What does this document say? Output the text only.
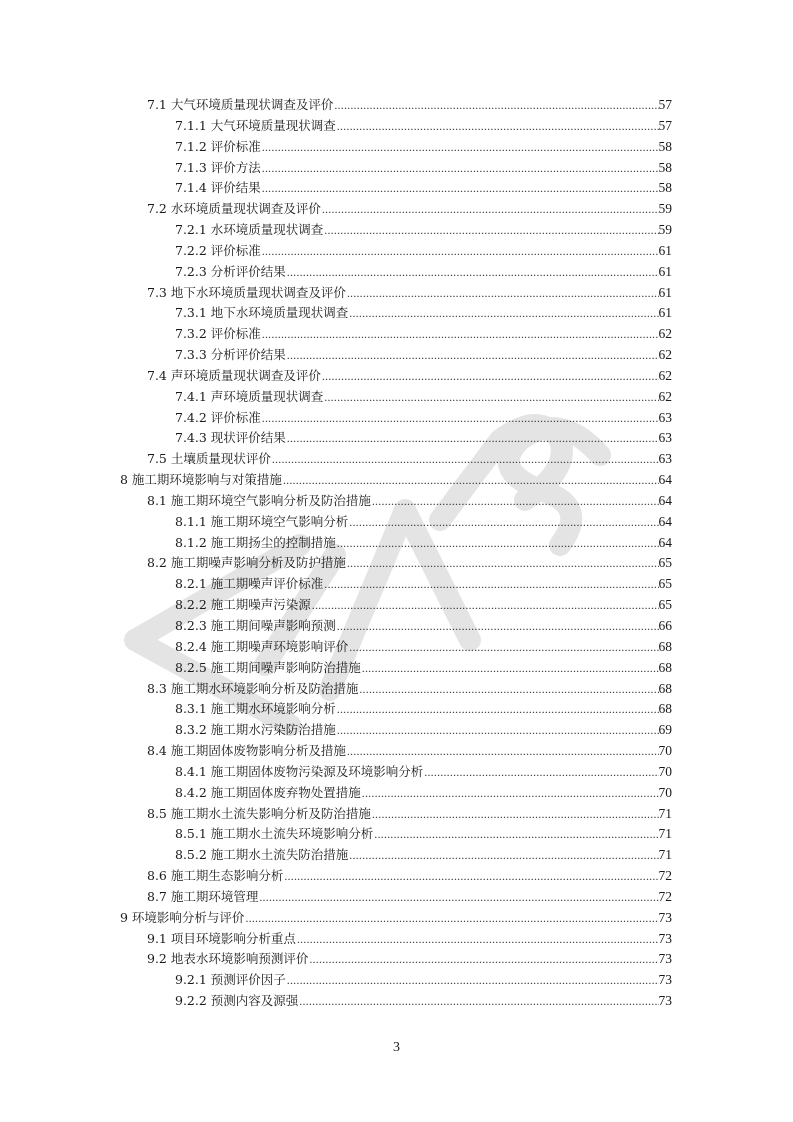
7.1 大气环境质量现状调查及评价 .....	57
7.1.1 大气环境质量现状调查 .....	57
7.1.2 评价标准 .....	58
7.1.3 评价方法 .....	58
7.1.4 评价结果 .....	58
7.2 水环境质量现状调查及评价 .....	59
7.2.1 水环境质量现状调查 .....	59
7.2.2 评价标准 .....	61
7.2.3 分析评价结果 .....	61
7.3 地下水环境质量现状调查及评价 .....	61
7.3.1 地下水环境质量现状调查 .....	61
7.3.2 评价标准 .....	62
7.3.3 分析评价结果 .....	62
7.4 声环境质量现状调查及评价 .....	62
7.4.1 声环境质量现状调查 .....	62
7.4.2 评价标准 .....	63
7.4.3 现状评价结果 .....	63
7.5 土壤质量现状评价 .....	63
8 施工期环境影响与对策措施 .....	64
8.1 施工期环境空气影响分析及防治措施 .....	64
8.1.1 施工期环境空气影响分析 .....	64
8.1.2 施工期扬尘的控制措施 .....	64
8.2 施工期噪声影响分析及防护措施 .....	65
8.2.1 施工期噪声评价标准 .....	65
8.2.2 施工期噪声污染源 .....	65
8.2.3 施工期间噪声影响预测 .....	66
8.2.4 施工期噪声环境影响评价 .....	68
8.2.5 施工期间噪声影响防治措施 .....	68
8.3 施工期水环境影响分析及防治措施 .....	68
8.3.1 施工期水环境影响分析 .....	68
8.3.2 施工期水污染防治措施 .....	69
8.4 施工期固体废物影响分析及措施 .....	70
8.4.1 施工期固体废物污染源及环境影响分析 .....	70
8.4.2 施工期固体废弃物处置措施 .....	70
8.5 施工期水土流失影响分析及防治措施 .....	71
8.5.1 施工期水土流失环境影响分析 .....	71
8.5.2 施工期水土流失防治措施 .....	71
8.6 施工期生态影响分析 .....	72
8.7 施工期环境管理 .....	72
9 环境影响分析与评价 .....	73
9.1 项目环境影响分析重点 .....	73
9.2 地表水环境影响预测评价 .....	73
9.2.1 预测评价因子 .....	73
9.2.2 预测内容及源强 .....	73
3
